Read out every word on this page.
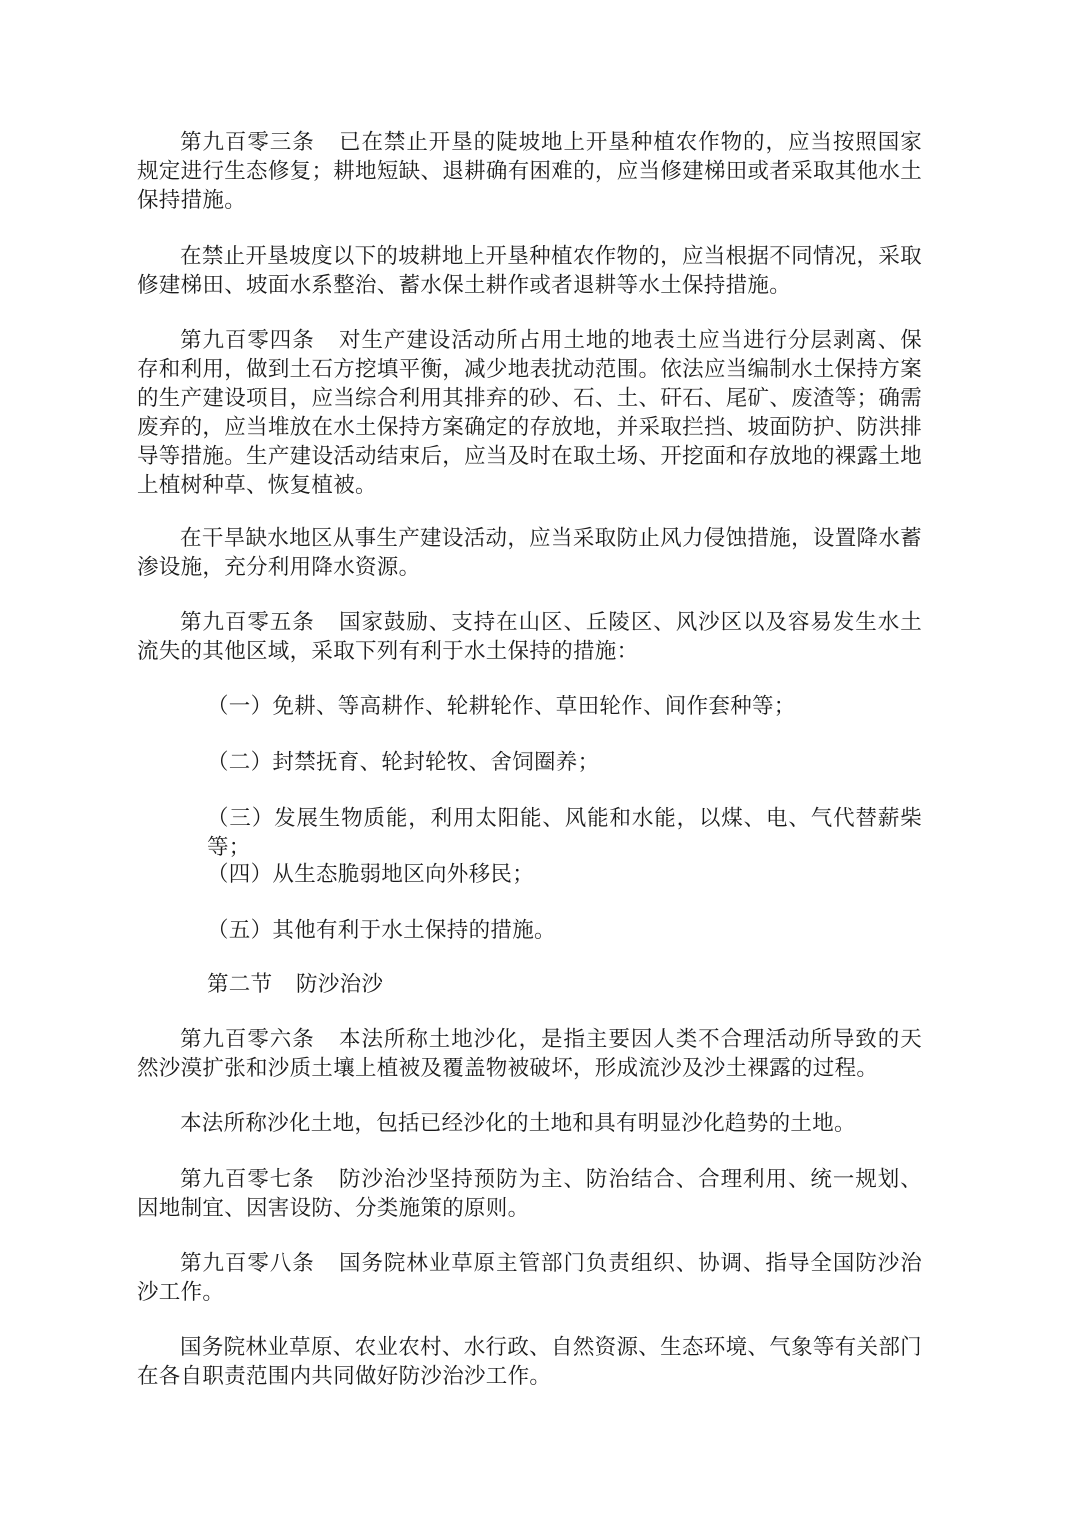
第九百零三条 已在禁止开垦的陡坡地上开垦种植农作物的，应当按照国家规定进行生态修复；耕地短缺、退耕确有困难的，应当修建梯田或者采取其他水土保持措施。

在禁止开垦坡度以下的坡耕地上开垦种植农作物的，应当根据不同情况，采取修建梯田、坡面水系整治、蓄水保土耕作或者退耕等水土保持措施。

第九百零四条 对生产建设活动所占用土地的地表土应当进行分层剥离、保存和利用，做到土石方挖填平衡，减少地表扰动范围。依法应当编制水土保持方案的生产建设项目，应当综合利用其排弃的砂、石、土、矸石、尾矿、废渣等；确需废弃的，应当堆放在水土保持方案确定的存放地，并采取拦挡、坡面防护、防洪排导等措施。生产建设活动结束后，应当及时在取土场、开挖面和存放地的裸露土地上植树种草、恢复植被。

在干旱缺水地区从事生产建设活动，应当采取防止风力侵蚀措施，设置降水蓄渗设施，充分利用降水资源。

第九百零五条 国家鼓励、支持在山区、丘陵区、风沙区以及容易发生水土流失的其他区域，采取下列有利于水土保持的措施：

（一）免耕、等高耕作、轮耕轮作、草田轮作、间作套种等；

（二）封禁抚育、轮封轮牧、舍饲圈养；

（三）发展生物质能，利用太阳能、风能和水能，以煤、电、气代替薪柴等；

（四）从生态脆弱地区向外移民；

（五）其他有利于水土保持的措施。

第二节 防沙治沙

第九百零六条 本法所称土地沙化，是指主要因人类不合理活动所导致的天然沙漠扩张和沙质土壤上植被及覆盖物被破坏，形成流沙及沙土裸露的过程。

本法所称沙化土地，包括已经沙化的土地和具有明显沙化趋势的土地。

第九百零七条 防沙治沙坚持预防为主、防治结合、合理利用、统一规划、因地制宜、因害设防、分类施策的原则。

第九百零八条 国务院林业草原主管部门负责组织、协调、指导全国防沙治沙工作。

国务院林业草原、农业农村、水行政、自然资源、生态环境、气象等有关部门在各自职责范围内共同做好防沙治沙工作。
